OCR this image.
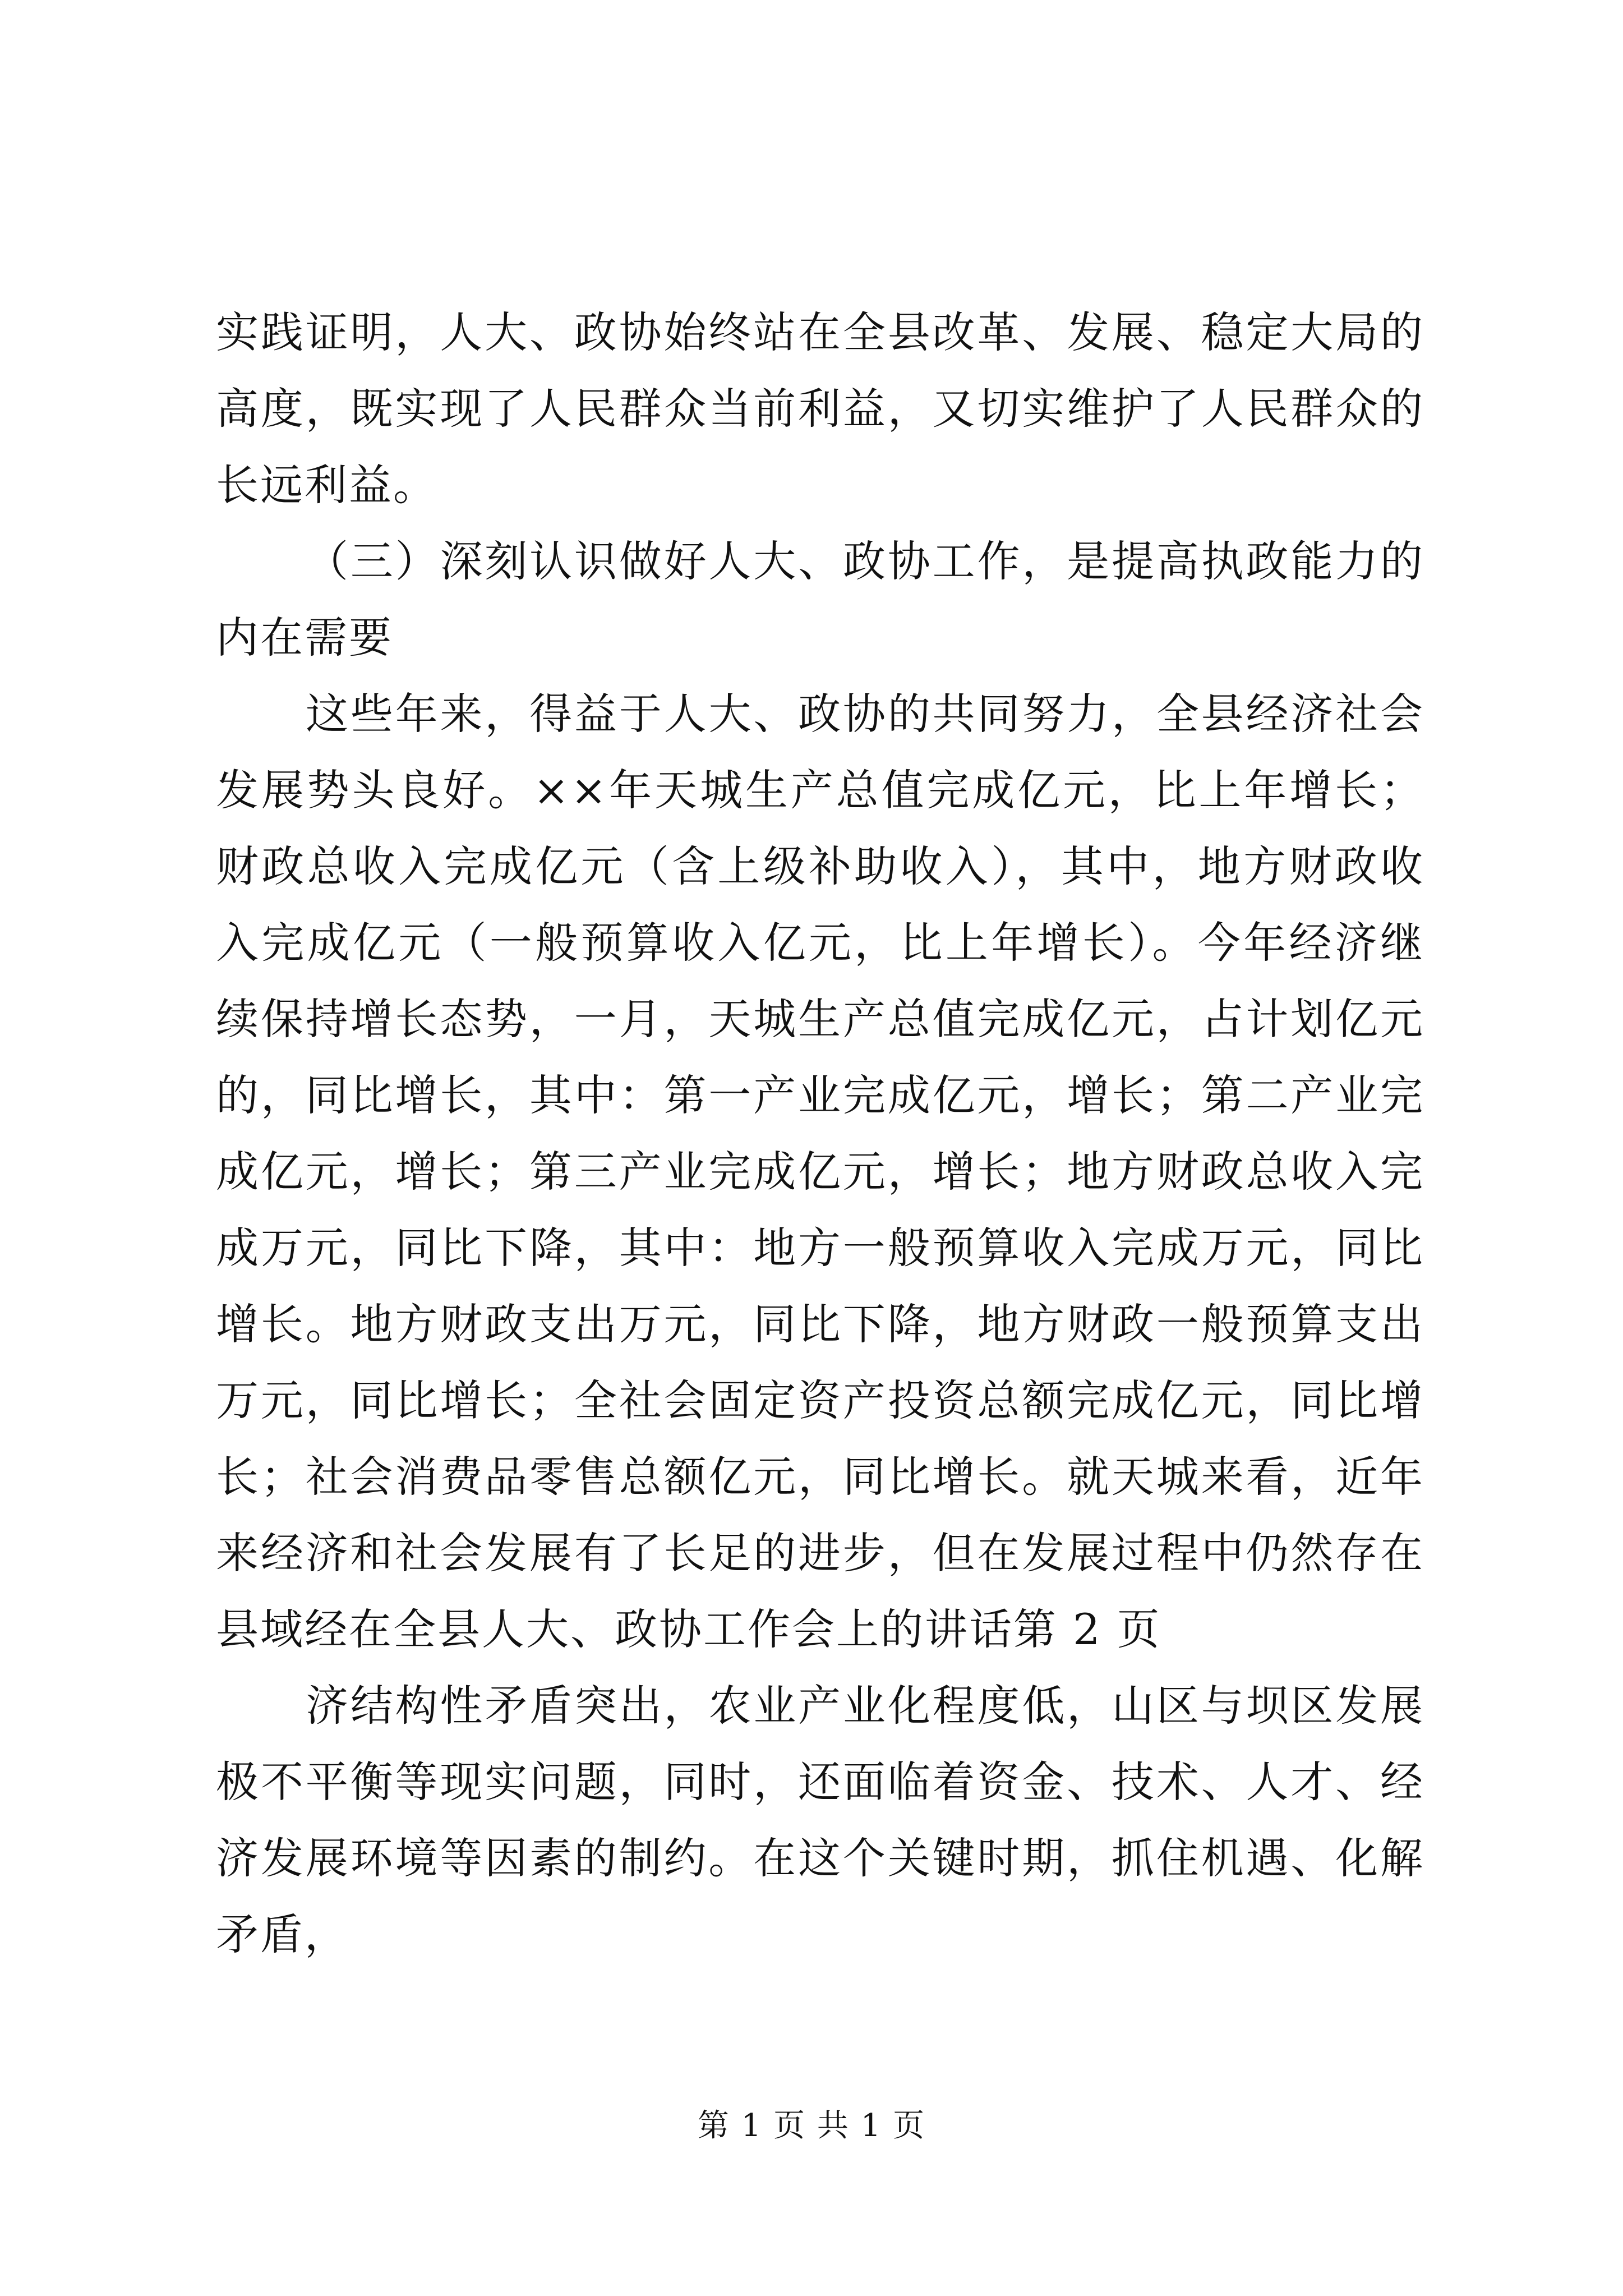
实践证明，人大、政协始终站在全县改革、发展、稳定大局的高度，既实现了人民群众当前利益，又切实维护了人民群众的长远利益。

（三）深刻认识做好人大、政协工作，是提高执政能力的内在需要

这些年来，得益于人大、政协的共同努力，全县经济社会发展势头良好。××年天城生产总值完成亿元，比上年增长；财政总收入完成亿元（含上级补助收入），其中，地方财政收入完成亿元（一般预算收入亿元，比上年增长）。今年经济继续保持增长态势，一月，天城生产总值完成亿元，占计划亿元的，同比增长，其中：第一产业完成亿元，增长；第二产业完成亿元，增长；第三产业完成亿元，增长；地方财政总收入完成万元，同比下降，其中：地方一般预算收入完成万元，同比增长。地方财政支出万元，同比下降，地方财政一般预算支出万元，同比增长；全社会固定资产投资总额完成亿元，同比增长；社会消费品零售总额亿元，同比增长。就天城来看，近年来经济和社会发展有了长足的进步，但在发展过程中仍然存在县域经在全县人大、政协工作会上的讲话第 2 页

济结构性矛盾突出，农业产业化程度低，山区与坝区发展极不平衡等现实问题，同时，还面临着资金、技术、人才、经济发展环境等因素的制约。在这个关键时期，抓住机遇、化解矛盾，

第 1 页 共 1 页
